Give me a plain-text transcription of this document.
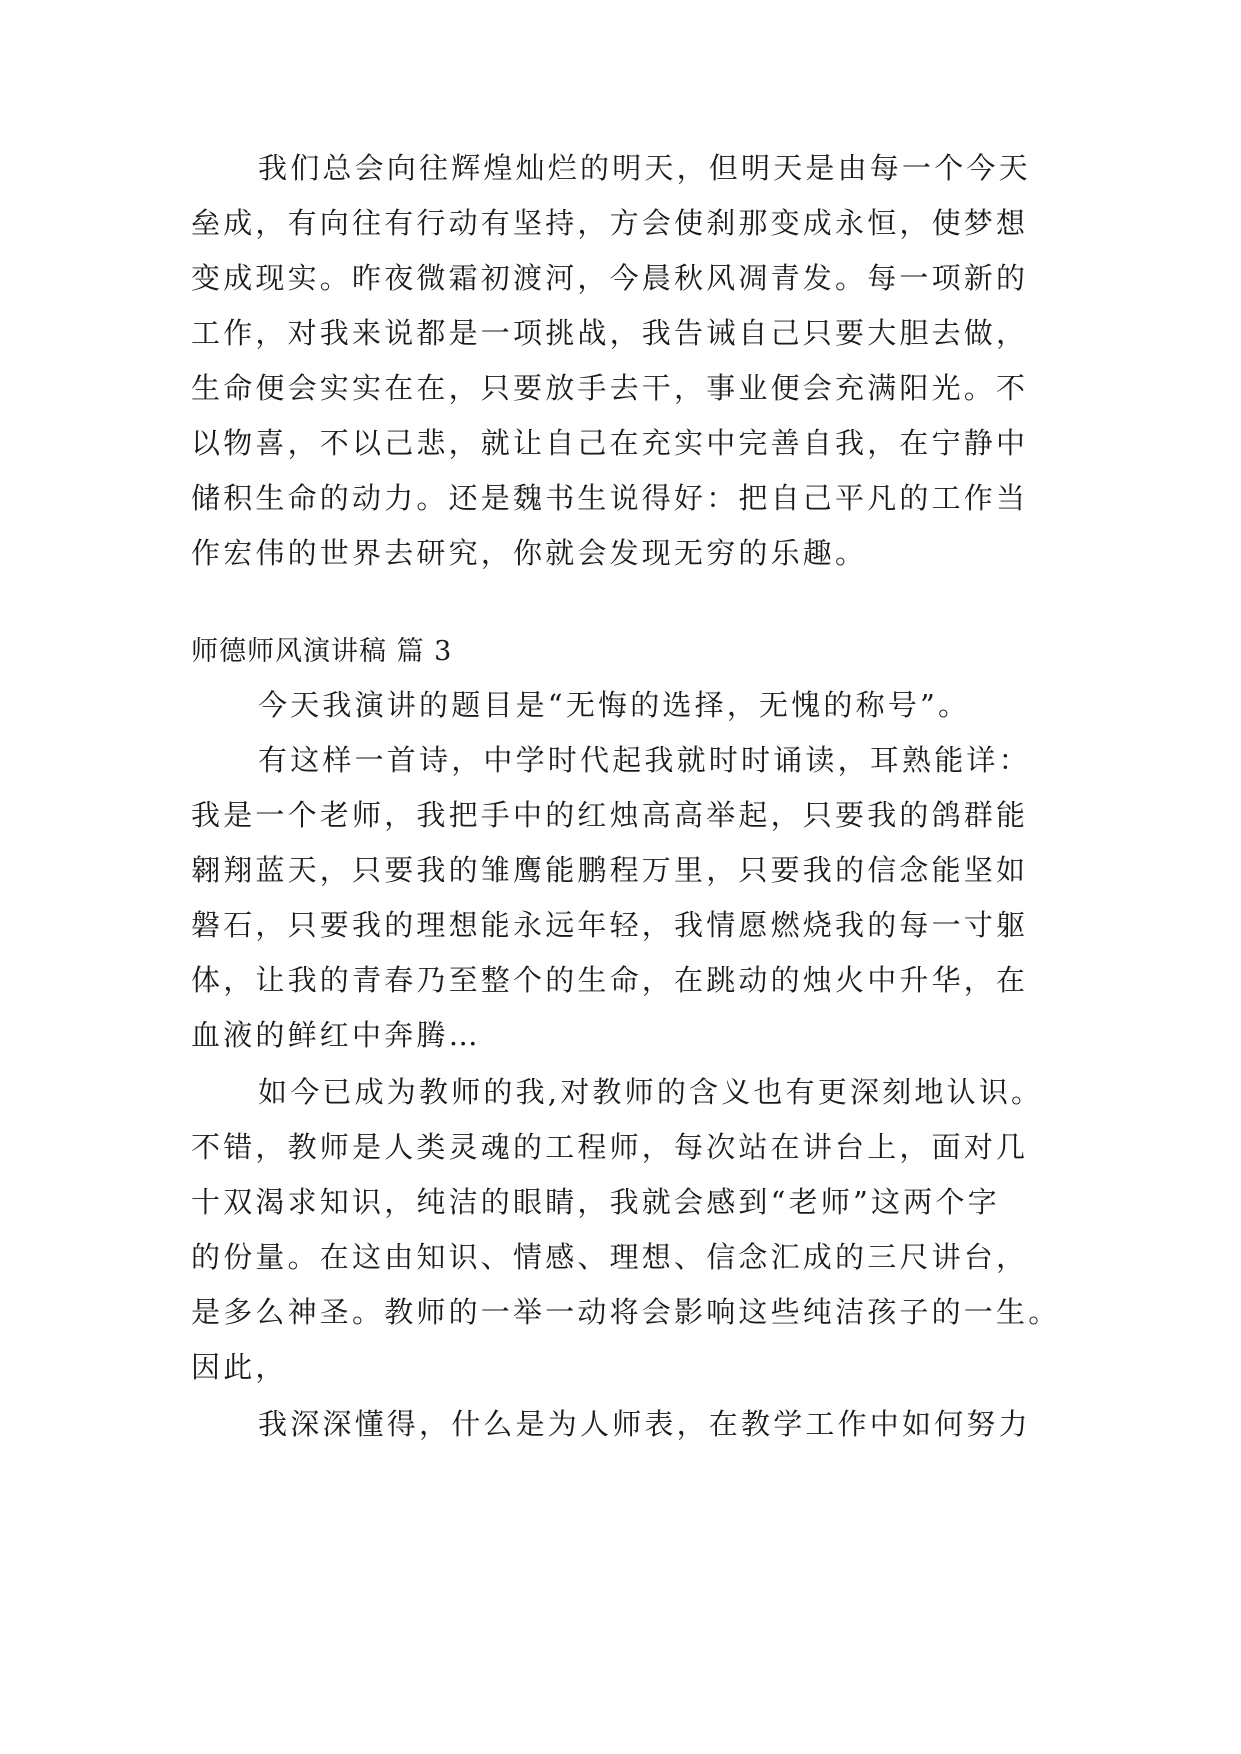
我们总会向往辉煌灿烂的明天，但明天是由每一个今天
垒成，有向往有行动有坚持，方会使刹那变成永恒，使梦想
变成现实。昨夜微霜初渡河，今晨秋风凋青发。每一项新的
工作，对我来说都是一项挑战，我告诫自己只要大胆去做，
生命便会实实在在，只要放手去干，事业便会充满阳光。不
以物喜，不以己悲，就让自己在充实中完善自我，在宁静中
储积生命的动力。还是魏书生说得好：把自己平凡的工作当
作宏伟的世界去研究，你就会发现无穷的乐趣。
师德师风演讲稿 篇 3
今天我演讲的题目是“无悔的选择，无愧的称号”。
有这样一首诗，中学时代起我就时时诵读，耳熟能详：
我是一个老师，我把手中的红烛高高举起，只要我的鸽群能
翱翔蓝天，只要我的雏鹰能鹏程万里，只要我的信念能坚如
磐石，只要我的理想能永远年轻，我情愿燃烧我的每一寸躯
体，让我的青春乃至整个的生命，在跳动的烛火中升华，在
血液的鲜红中奔腾…
如今已成为教师的我,对教师的含义也有更深刻地认识。
不错，教师是人类灵魂的工程师，每次站在讲台上，面对几
十双渴求知识，纯洁的眼睛，我就会感到“老师”这两个字
的份量。在这由知识、情感、理想、信念汇成的三尺讲台，
是多么神圣。教师的一举一动将会影响这些纯洁孩子的一生。
因此，
我深深懂得，什么是为人师表，在教学工作中如何努力
